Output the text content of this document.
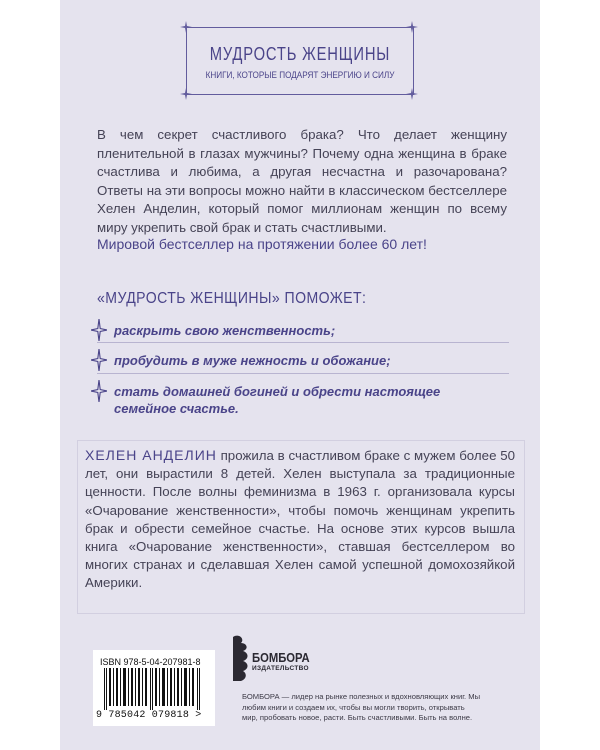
МУДРОСТЬ ЖЕНЩИНЫ
КНИГИ, КОТОРЫЕ ПОДАРЯТ ЭНЕРГИЮ И СИЛУ
В чем секрет счастливого брака? Что делает женщину пленительной в глазах мужчины? Почему одна женщина в браке счастлива и любима, а другая несчастна и разочарована? Ответы на эти вопросы можно найти в классическом бестселлере Хелен Анделин, который помог миллионам женщин по всему миру укрепить свой брак и стать счастливыми.
Мировой бестселлер на протяжении более 60 лет!
«МУДРОСТЬ ЖЕНЩИНЫ» ПОМОЖЕТ:
раскрыть свою женственность;
пробудить в муже нежность и обожание;
стать домашней богиней и обрести настоящее семейное счастье.
ХЕЛЕН АНДЕЛИН прожила в счастливом браке с мужем более 50 лет, они вырастили 8 детей. Хелен выступала за традиционные ценности. После волны феминизма в 1963 г. организовала курсы «Очарование женственности», чтобы помочь женщинам укрепить брак и обрести семейное счастье. На основе этих курсов вышла книга «Очарование женственности», ставшая бестселлером во многих странах и сделавшая Хелен самой успешной домохозяйкой Америки.
ISBN 978-5-04-207981-8
9 785042 079818 >
БОМБОРА
ИЗДАТЕЛЬСТВО
БОМБОРА — лидер на рынке полезных и вдохновляющих книг. Мы любим книги и создаем их, чтобы вы могли творить, открывать мир, пробовать новое, расти. Быть счастливыми. Быть на волне.
